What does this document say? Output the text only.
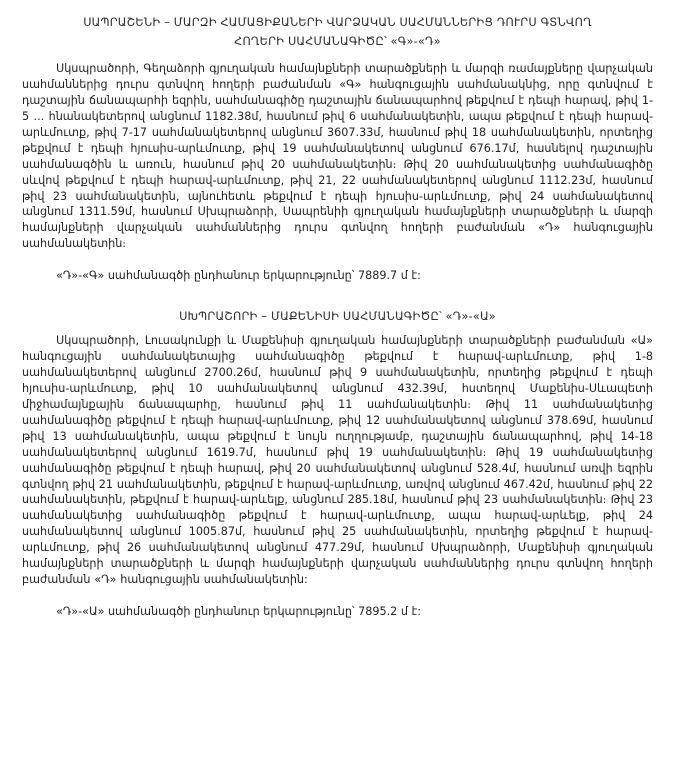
ՍԱՊՐԱՇԵՆԻ – ՄԱՐԶԻ ՀԱՄԱՑԻՔԱՆԵՐԻ ՎԱՐՁԱԿԱՆ ՍԱՀՄԱՆՆԵՐԻՑ ԴՈՒՐՍ ԳՏՆՎՈՂ
ՀՈՂԵՐԻ ՍԱՀՄԱՆԱԳԻԾԸ՝ «Գ»-«Դ»

Սկսպրածորի, Գեղաձորի գյուղական համայնքների տարածքների և մարզի ռամայքները վարչական սահմաններից դուրս գտնվող հողերի բաժանման «Գ» հանգուցային սահմանակնից, որը գտնվում է դաշտային ճանապարհի եզրին, սահմանագիծը դաշտային ճանապարհով թեքվում է դեպի հարավ, թիվ 1-5 ... հնանակետերով անցնում 1182.38մ, հասնում թիվ 6 սահմանակետին, ապա թեքվում է դեպի հարավ-արևմուտք, թիվ 7-17 սահմանակետերով անցնում 3607.33մ, հասնում թիվ 18 սահմանակետին, որտեղից թեքվում է դեպի հյուսիս-արևմուտք, թիվ 19 սահմանակետով անցնում 676.17մ, հասնելով դաշտային սահմանագծին և առուն, հասնում թիվ 20 սահմանակետին։ Թիվ 20 սահմանակետից սահմանագիծը սևվով թեքվում է դեպի հարավ-արևմուտք, թիվ 21, 22 սահմանակետերով անցնում 1112.23մ, հասնում թիվ 23 սահմանակետին, այնուհետև թեքվում է դեպի հյուսիս-արևմուտք, թիվ 24 սահմանակետով անցնում 1311.59մ, հասնում Սխպրաձորի, Սապրենիի գյուղական համայնքների տարածքների և մարզի համայնքների վարչական սահմաններից դուրս գտնվող հողերի բաժանման «Դ» հանգուցային սահմանակետին։

«Դ»-«Գ» սահմանագծի ընդհանուր երկարությունը՝ 7889.7 մ է:

ՍԽՊՐԱՇՈՐԻ – ՄԱՔԵՆԻՍԻ ՍԱՀՄԱՆԱԳԻԾԸ՝ «Դ»-«Ա»

Սկսպրածորի, Լուսակունքի և Մաքենիսի գյուղական համայնքների տարածքների բաժանման «Ա» հանգուցային սահմանակետայից սահմանագիծը թեքվում է հարավ-արևմուտք, թիվ 1-8 սահմանակետերով անցնում 2700.26մ, հասնում թիվ 9 սահմանակետին, որտեղից թեքվում է դեպի հյուսիս-արևմուտք, թիվ 10 սահմանակետով անցնում 432.39մ, հստեղով Մաքենիս-Սևապետի միջհամայնքային ճանապարհը, հասնում թիվ 11 սահմանակետին։ Թիվ 11 սահմանակետից սահմանագիծը թեքվում է դեպի հարավ-արևմուտք, թիվ 12 սահմանակետով անցնում 378.69մ, հասնում թիվ 13 սահմանակետին, ապա թեքվում է նույն ուղղությամբ, դաշտային ճանապարհով, թիվ 14-18 սահմանակետերով անցնում 1619.7մ, հասնում թիվ 19 սահմանակետին։ Թիվ 19 սահմանակետից սահմանագիծը թեքվում է դեպի հարավ, թիվ 20 սահմանակետով անցնում 528.4մ, հասնում առվի եզրին գտնվող թիվ 21 սահմանակետին, թեքվում է հարավ-արևմուտք, առվով անցնում 467.42մ, հասնում թիվ 22 սահմանակետին, թեքվում է հարավ-արևելք, անցնում 285.18մ, հասնում թիվ 23 սահմանակետին։ Թիվ 23 սահմանակետից սահմանագիծը թեքվում է հարավ-արևմուտք, ապա հարավ-արևելք, թիվ 24 սահմանակետով անցնում 1005.87մ, հասնում թիվ 25 սահմանակետին, որտեղից թեքվում է հարավ-արևմուտք, թիվ 26 սահմանակետով անցնում 477.29մ, հասնում Սխպրաձորի, Մաքենիսի գյուղական համայնքների տարածքների և մարզի համայնքների վարչական սահմաններից դուրս գտնվող հողերի բաժանման «Դ» հանգուցային սահմանակետին:

«Դ»-«Ա» սահմանագծի ընդհանուր երկարությունը՝ 7895.2 մ է:
